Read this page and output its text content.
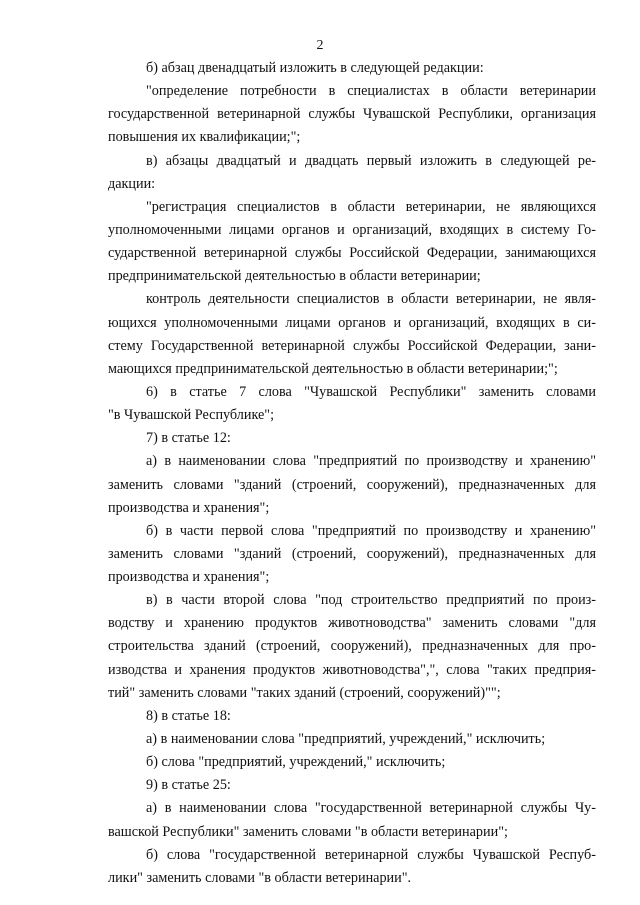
2
б) абзац двенадцатый изложить в следующей редакции:
"определение потребности в специалистах в области ветеринарии
государственной ветеринарной службы Чувашской Республики, организация
повышения их квалификации;";
в) абзацы двадцатый и двадцать первый изложить в следующей ре-
дакции:
"регистрация специалистов в области ветеринарии, не являющихся
уполномоченными лицами органов и организаций, входящих в систему Го-
сударственной ветеринарной службы Российской Федерации, занимающихся
предпринимательской деятельностью в области ветеринарии;
контроль деятельности специалистов в области ветеринарии, не явля-
ющихся уполномоченными лицами органов и организаций, входящих в си-
стему Государственной ветеринарной службы Российской Федерации, зани-
мающихся предпринимательской деятельностью в области ветеринарии;";
6) в статье 7 слова "Чувашской Республики" заменить словами
"в Чувашской Республике";
7) в статье 12:
а) в наименовании слова "предприятий по производству и хранению"
заменить словами "зданий (строений, сооружений), предназначенных для
производства и хранения";
б) в части первой слова "предприятий по производству и хранению"
заменить словами "зданий (строений, сооружений), предназначенных для
производства и хранения";
в) в части второй слова "под строительство предприятий по произ-
водству и хранению продуктов животноводства" заменить словами "для
строительства зданий (строений, сооружений), предназначенных для про-
изводства и хранения продуктов животноводства",", слова "таких предприя-
тий" заменить словами "таких зданий (строений, сооружений)"";
8) в статье 18:
а) в наименовании слова "предприятий, учреждений," исключить;
б) слова "предприятий, учреждений," исключить;
9) в статье 25:
а) в наименовании слова "государственной ветеринарной службы Чу-
вашской Республики" заменить словами "в области ветеринарии";
б) слова "государственной ветеринарной службы Чувашской Респуб-
лики" заменить словами "в области ветеринарии".
